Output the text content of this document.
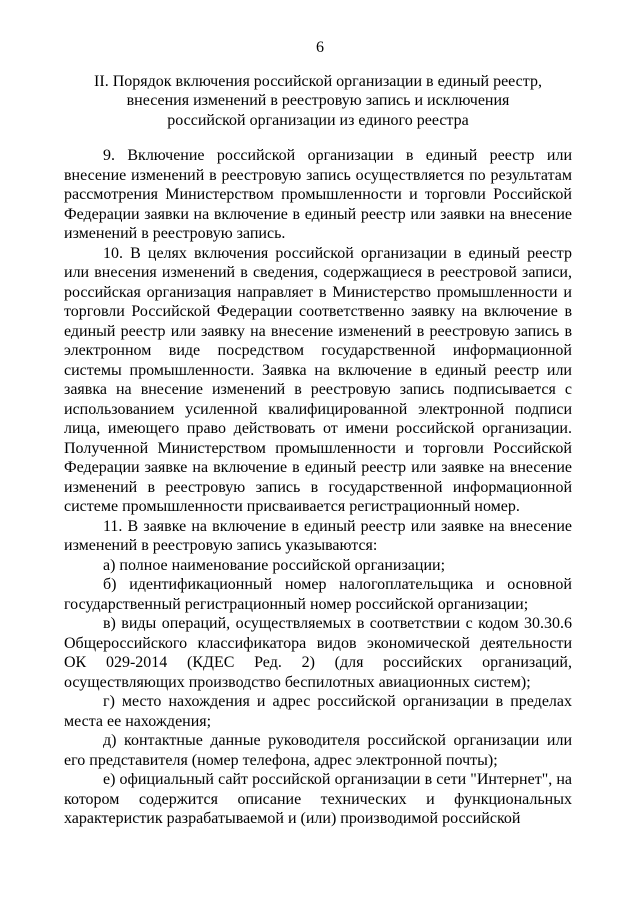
6
II. Порядок включения российской организации в единый реестр,
внесения изменений в реестровую запись и исключения
российской организации из единого реестра

9. Включение российской организации в единый реестр или внесение изменений в реестровую запись осуществляется по результатам рассмотрения Министерством промышленности и торговли Российской Федерации заявки на включение в единый реестр или заявки на внесение изменений в реестровую запись.

10. В целях включения российской организации в единый реестр или внесения изменений в сведения, содержащиеся в реестровой записи, российская организация направляет в Министерство промышленности и торговли Российской Федерации соответственно заявку на включение в единый реестр или заявку на внесение изменений в реестровую запись в электронном виде посредством государственной информационной системы промышленности. Заявка на включение в единый реестр или заявка на внесение изменений в реестровую запись подписывается с использованием усиленной квалифицированной электронной подписи лица, имеющего право действовать от имени российской организации. Полученной Министерством промышленности и торговли Российской Федерации заявке на включение в единый реестр или заявке на внесение изменений в реестровую запись в государственной информационной системе промышленности присваивается регистрационный номер.

11. В заявке на включение в единый реестр или заявке на внесение изменений в реестровую запись указываются:

а) полное наименование российской организации;

б) идентификационный номер налогоплательщика и основной государственный регистрационный номер российской организации;

в) виды операций, осуществляемых в соответствии с кодом 30.30.6 Общероссийского классификатора видов экономической деятельности ОК 029-2014 (КДЕС Ред. 2) (для российских организаций, осуществляющих производство беспилотных авиационных систем);

г) место нахождения и адрес российской организации в пределах места ее нахождения;

д) контактные данные руководителя российской организации или его представителя (номер телефона, адрес электронной почты);

е) официальный сайт российской организации в сети "Интернет", на котором содержится описание технических и функциональных характеристик разрабатываемой и (или) производимой российской
